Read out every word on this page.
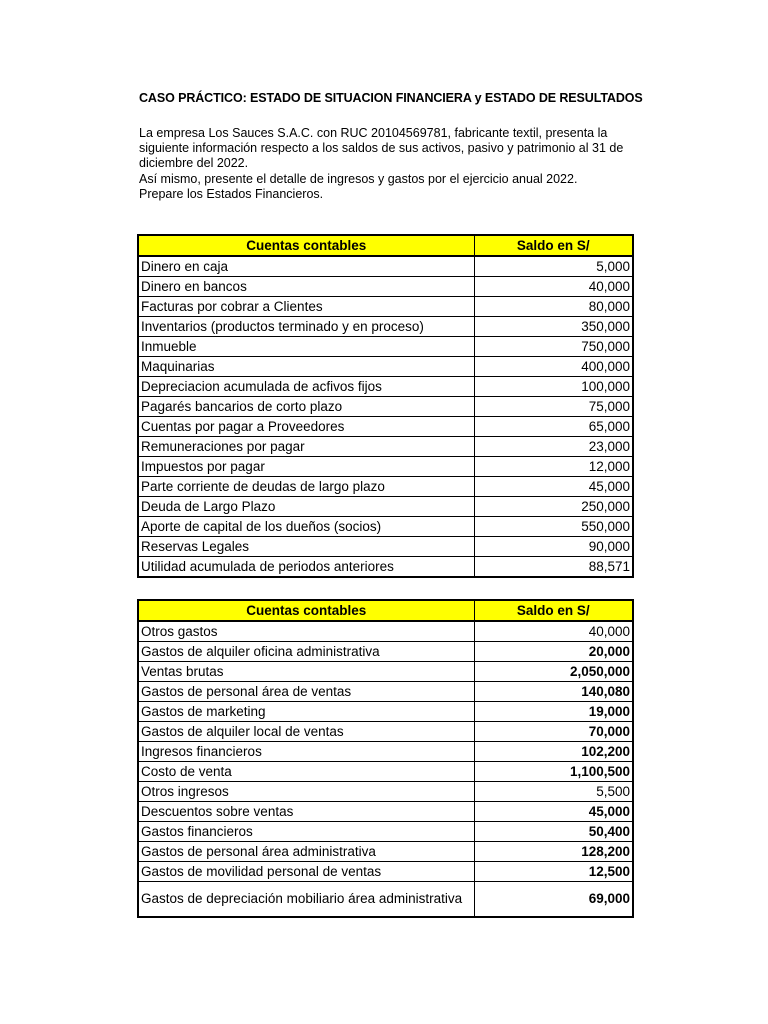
CASO PRÁCTICO: ESTADO DE SITUACION FINANCIERA y ESTADO DE RESULTADOS
La empresa Los Sauces S.A.C. con RUC 20104569781, fabricante textil, presenta la
siguiente información respecto a los saldos de sus activos, pasivo y patrimonio al 31 de
diciembre del 2022.
Así mismo, presente el detalle de ingresos y gastos por el ejercicio anual 2022.
Prepare los Estados Financieros.
Cuentas contables	Saldo en S/
Dinero en caja	5,000
Dinero en bancos	40,000
Facturas por cobrar a Clientes	80,000
Inventarios (productos terminado y en proceso)	350,000
Inmueble	750,000
Maquinarias	400,000
Depreciacion acumulada de acfivos fijos	100,000
Pagarés bancarios de corto plazo	75,000
Cuentas por pagar a Proveedores	65,000
Remuneraciones por pagar	23,000
Impuestos por pagar	12,000
Parte corriente de deudas de largo plazo	45,000
Deuda de Largo Plazo	250,000
Aporte de capital de los dueños (socios)	550,000
Reservas Legales	90,000
Utilidad acumulada de periodos anteriores	88,571
Cuentas contables	Saldo en S/
Otros gastos	40,000
Gastos de alquiler oficina administrativa	20,000
Ventas brutas	2,050,000
Gastos de personal área de ventas	140,080
Gastos de marketing	19,000
Gastos de alquiler local de ventas	70,000
Ingresos financieros	102,200
Costo de venta	1,100,500
Otros ingresos	5,500
Descuentos sobre ventas	45,000
Gastos financieros	50,400
Gastos de personal área administrativa	128,200
Gastos de movilidad personal de ventas	12,500
Gastos de depreciación mobiliario área administrativa	69,000
